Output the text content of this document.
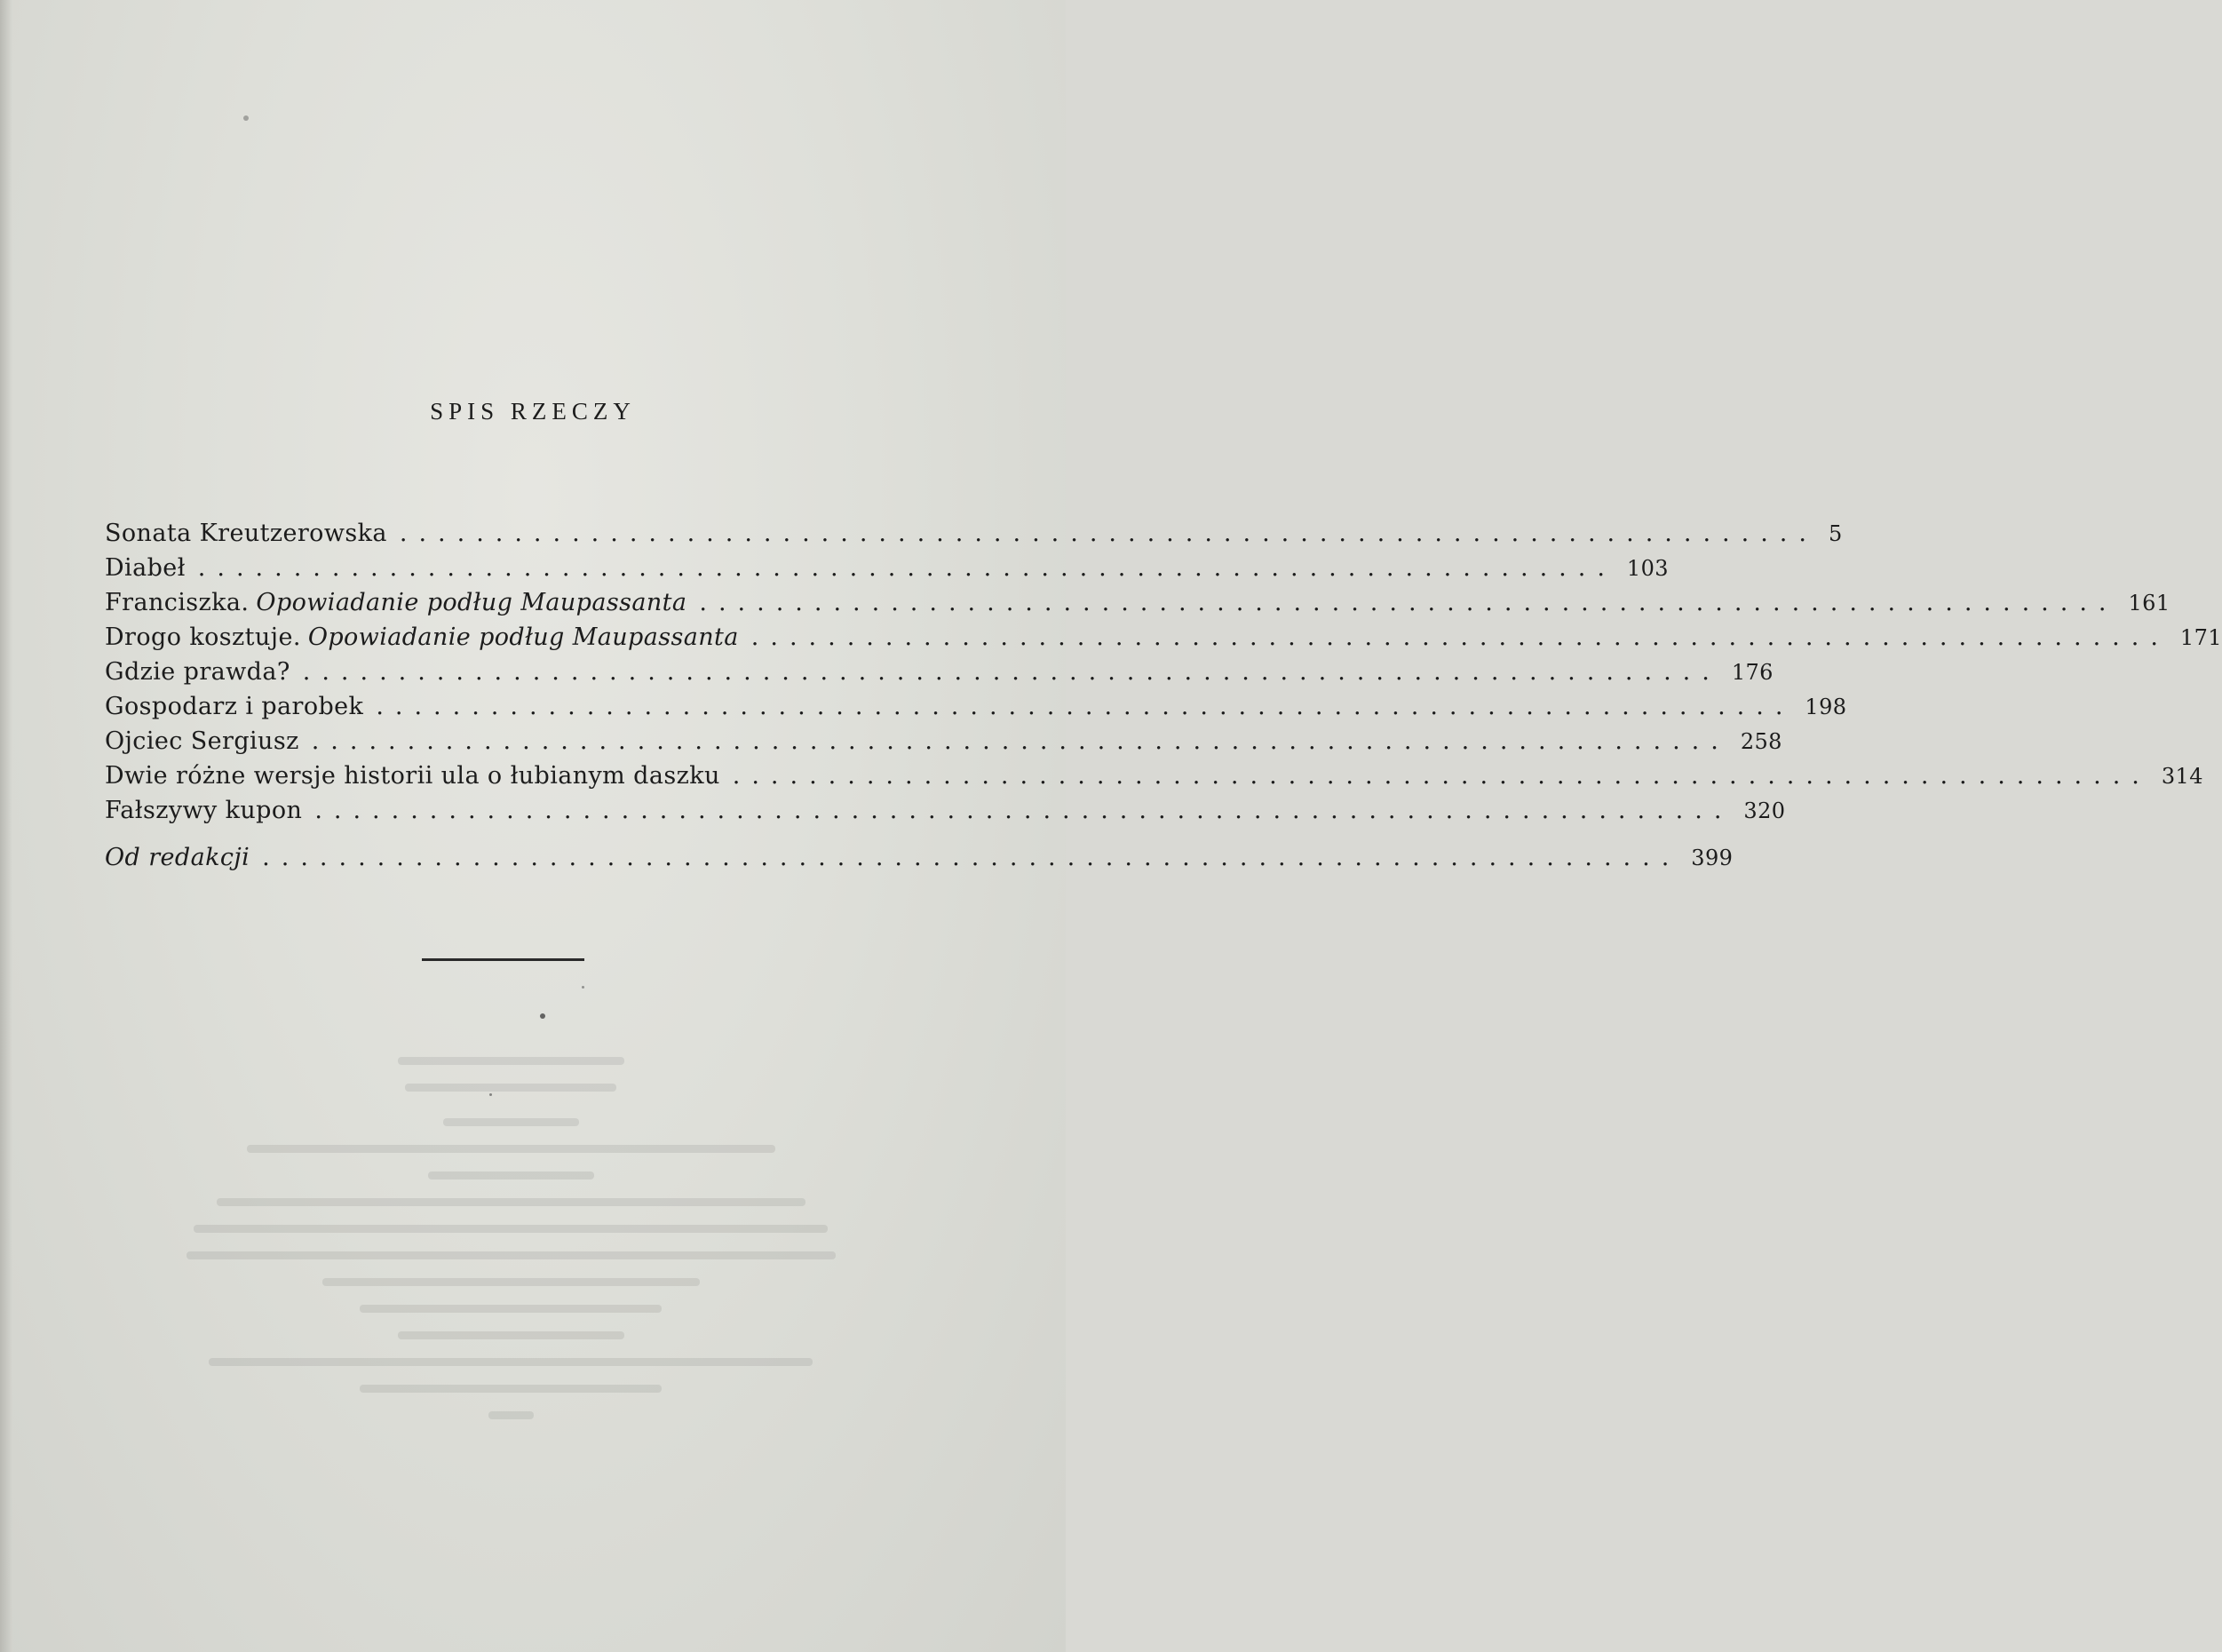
SPIS RZECZY
Sonata Kreutzerowska .......................................................................... 5
Diabeł .......................................................................... 103
Franciszka. Opowiadanie podług Maupassanta .......................................................................... 161
Drogo kosztuje. Opowiadanie podług Maupassanta .......................................................................... 171
Gdzie prawda? .......................................................................... 176
Gospodarz i parobek .......................................................................... 198
Ojciec Sergiusz .......................................................................... 258
Dwie różne wersje historii ula o łubianym daszku .......................................................................... 314
Fałszywy kupon .......................................................................... 320
Od redakcji .......................................................................... 399
